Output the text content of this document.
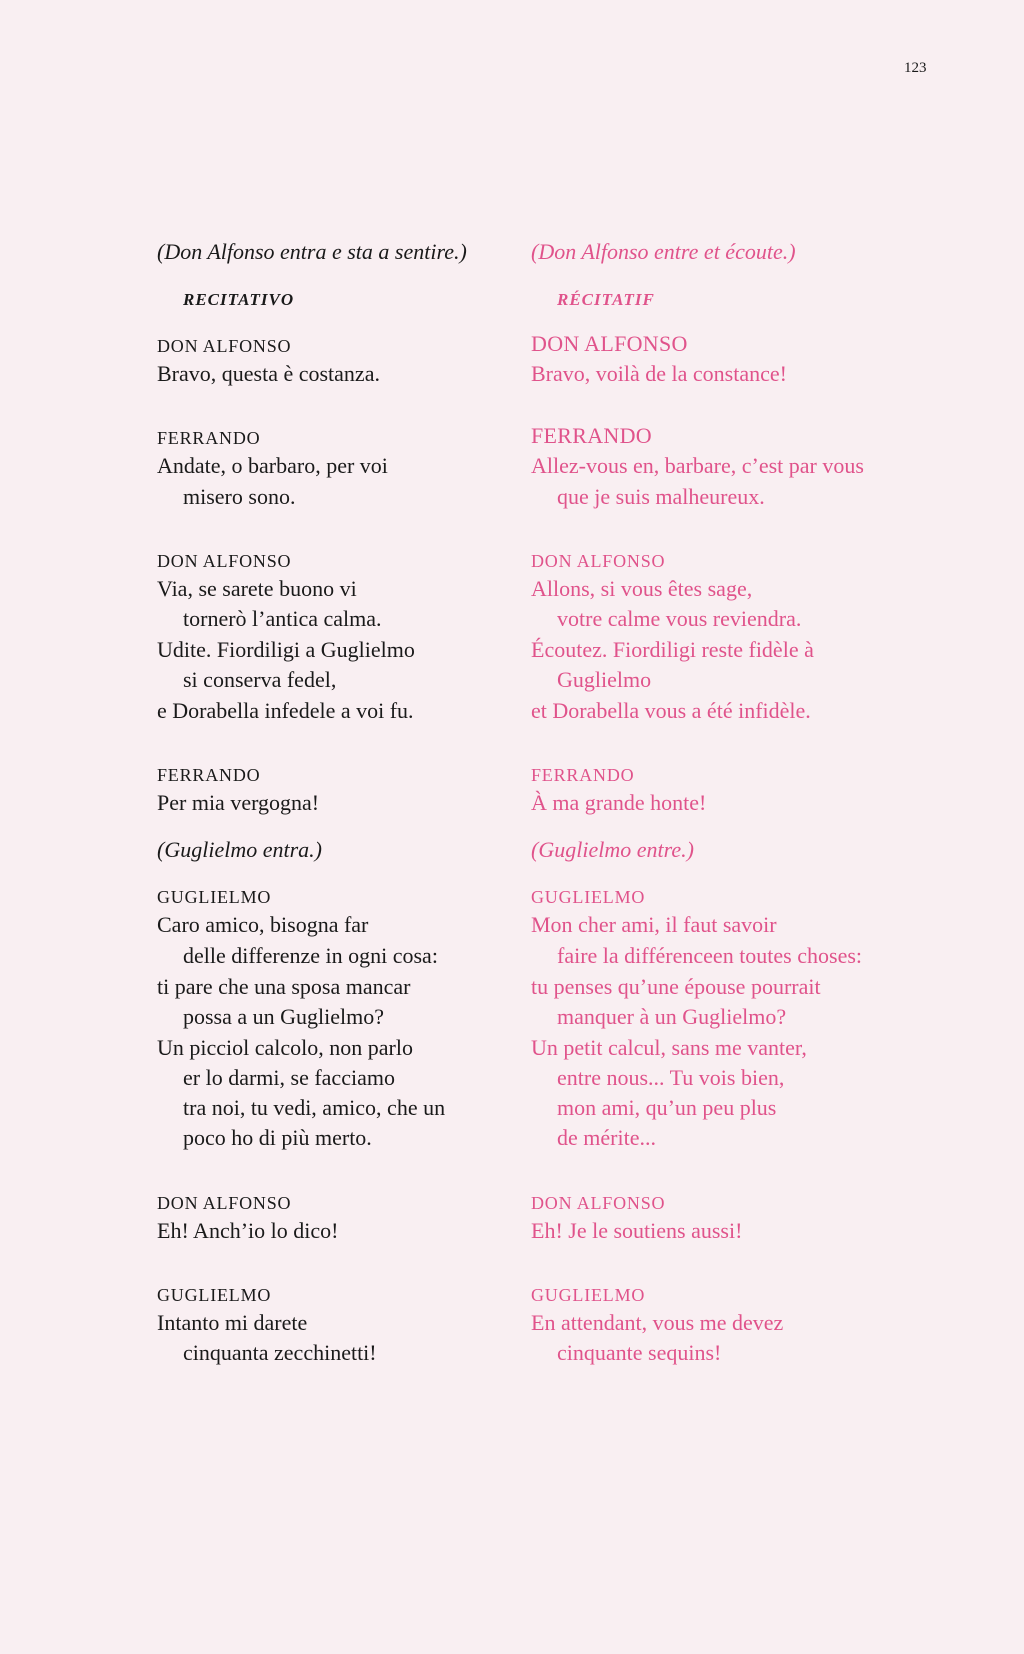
123
(Don Alfonso entra e sta a sentire.)
RECITATIVO
DON ALFONSO
Bravo, questa è costanza.
FERRANDO
Andate, o barbaro, per voi
misero sono.
DON ALFONSO
Via, se sarete buono vi
tornerò l’antica calma.
Udite. Fiordiligi a Guglielmo
si conserva fedel,
e Dorabella infedele a voi fu.
FERRANDO
Per mia vergogna!
(Guglielmo entra.)
GUGLIELMO
Caro amico, bisogna far
delle differenze in ogni cosa:
ti pare che una sposa mancar
possa a un Guglielmo?
Un picciol calcolo, non parlo
er lo darmi, se facciamo
tra noi, tu vedi, amico, che un
poco ho di più merto.
DON ALFONSO
Eh! Anch’io lo dico!
GUGLIELMO
Intanto mi darete
cinquanta zecchinetti!
(Don Alfonso entre et écoute.)
RÉCITATIF
DON ALFONSO
Bravo, voilà de la constance!
FERRANDO
Allez-vous en, barbare, c’est par vous
que je suis malheureux.
DON ALFONSO
Allons, si vous êtes sage,
votre calme vous reviendra.
Écoutez. Fiordiligi reste fidèle à
Guglielmo
et Dorabella vous a été infidèle.
FERRANDO
À ma grande honte!
(Guglielmo entre.)
GUGLIELMO
Mon cher ami, il faut savoir
faire la différenceen toutes choses:
tu penses qu’une épouse pourrait
manquer à un Guglielmo?
Un petit calcul, sans me vanter,
entre nous... Tu vois bien,
mon ami, qu’un peu plus
de mérite...
DON ALFONSO
Eh! Je le soutiens aussi!
GUGLIELMO
En attendant, vous me devez
cinquante sequins!
